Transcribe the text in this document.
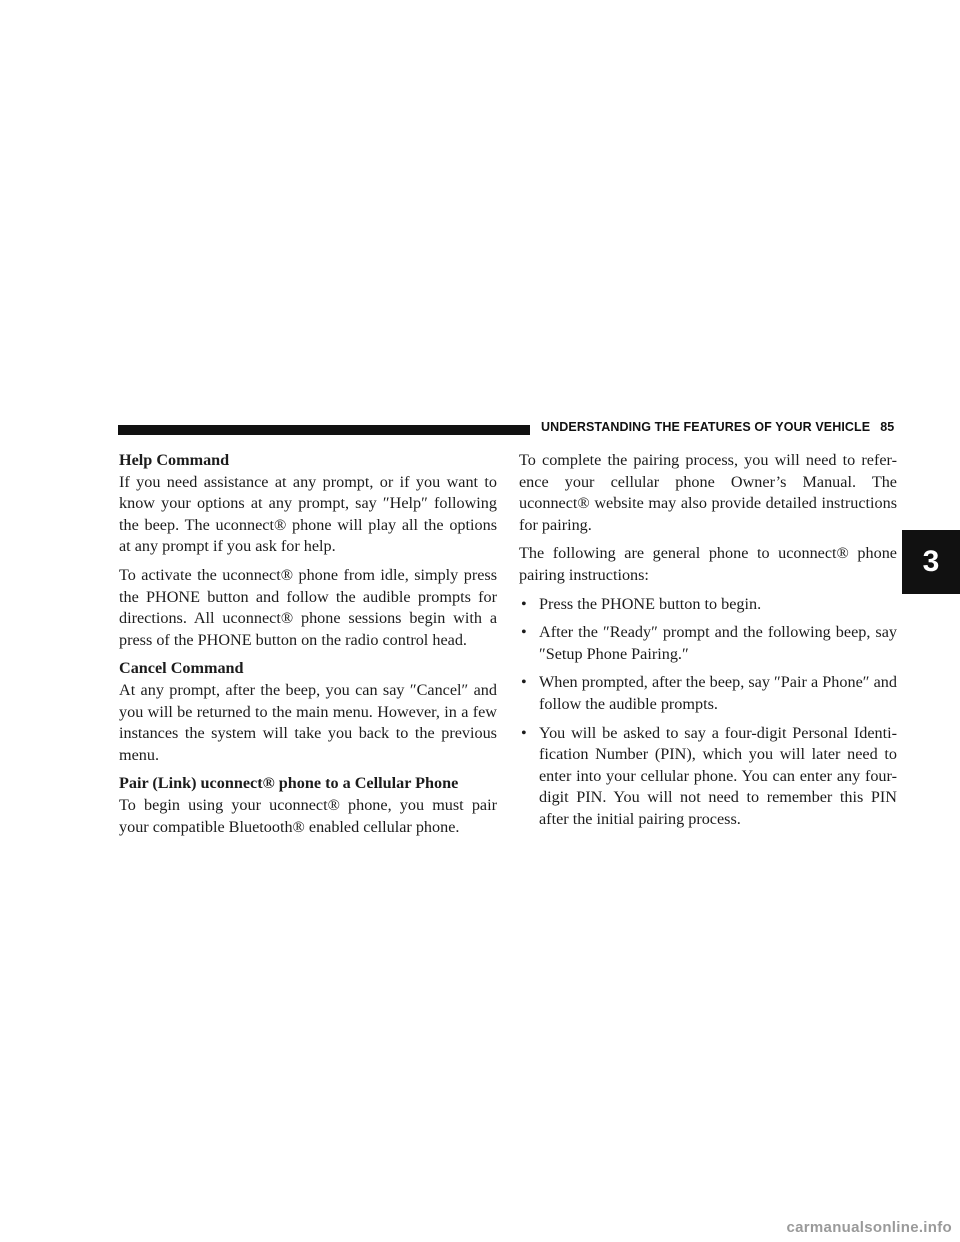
UNDERSTANDING THE FEATURES OF YOUR VEHICLE 85
Help Command

If you need assistance at any prompt, or if you want to know your options at any prompt, say ″Help″ following the beep. The uconnect® phone will play all the options at any prompt if you ask for help.

To activate the uconnect® phone from idle, simply press the PHONE button and follow the audible prompts for directions. All uconnect® phone sessions begin with a press of the PHONE button on the radio control head.

Cancel Command

At any prompt, after the beep, you can say ″Cancel″ and you will be returned to the main menu. However, in a few instances the system will take you back to the previous menu.

Pair (Link) uconnect® phone to a Cellular Phone

To begin using your uconnect® phone, you must pair your compatible Bluetooth® enabled cellular phone.

To complete the pairing process, you will need to refer-ence your cellular phone Owner’s Manual. The uconnect® website may also provide detailed instructions for pairing.

The following are general phone to uconnect® phone pairing instructions:

• Press the PHONE button to begin.
• After the ″Ready″ prompt and the following beep, say ″Setup Phone Pairing.″
• When prompted, after the beep, say ″Pair a Phone″ and follow the audible prompts.
• You will be asked to say a four-digit Personal Identi-fication Number (PIN), which you will later need to enter into your cellular phone. You can enter any four-digit PIN. You will not need to remember this PIN after the initial pairing process.
3
carmanualsonline.info
